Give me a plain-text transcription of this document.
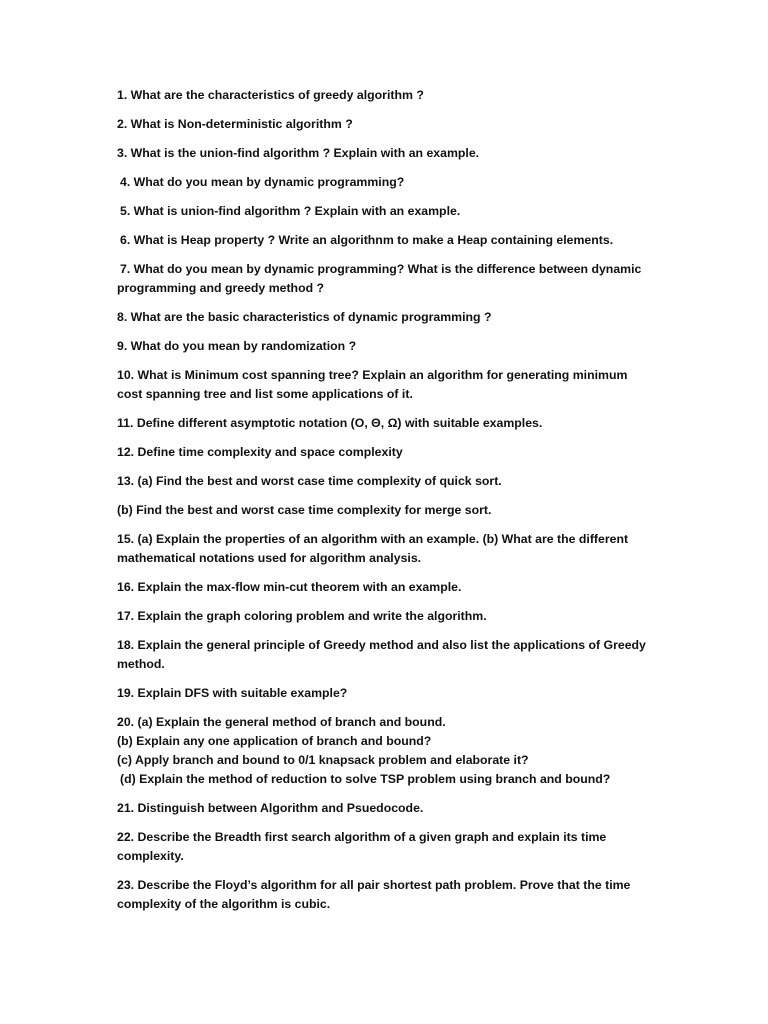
1. What are the characteristics of greedy algorithm ?
2. What is Non-deterministic algorithm ?
3. What is the union-find algorithm ? Explain with an example.
4. What do you mean by dynamic programming?
5. What is union-find algorithm ? Explain with an example.
6. What is Heap property ? Write an algorithnm to make a Heap containing elements.
7. What do you mean by dynamic programming? What is the difference between dynamic
programming and greedy method ?
8. What are the basic characteristics of dynamic programming ?
9. What do you mean by randomization ?
10. What is Minimum cost spanning tree? Explain an algorithm for generating minimum
cost spanning tree and list some applications of it.
11. Define different asymptotic notation (O, Θ, Ω) with suitable examples.
12. Define time complexity and space complexity
13. (a) Find the best and worst case time complexity of quick sort.
(b) Find the best and worst case time complexity for merge sort.
15. (a) Explain the properties of an algorithm with an example. (b) What are the different
mathematical notations used for algorithm analysis.
16. Explain the max-flow min-cut theorem with an example.
17. Explain the graph coloring problem and write the algorithm.
18. Explain the general principle of Greedy method and also list the applications of Greedy
method.
19. Explain DFS with suitable example?
20. (a) Explain the general method of branch and bound.
(b) Explain any one application of branch and bound?
(c) Apply branch and bound to 0/1 knapsack problem and elaborate it?
(d) Explain the method of reduction to solve TSP problem using branch and bound?
21. Distinguish between Algorithm and Psuedocode.
22. Describe the Breadth first search algorithm of a given graph and explain its time
complexity.
23. Describe the Floyd’s algorithm for all pair shortest path problem. Prove that the time
complexity of the algorithm is cubic.
